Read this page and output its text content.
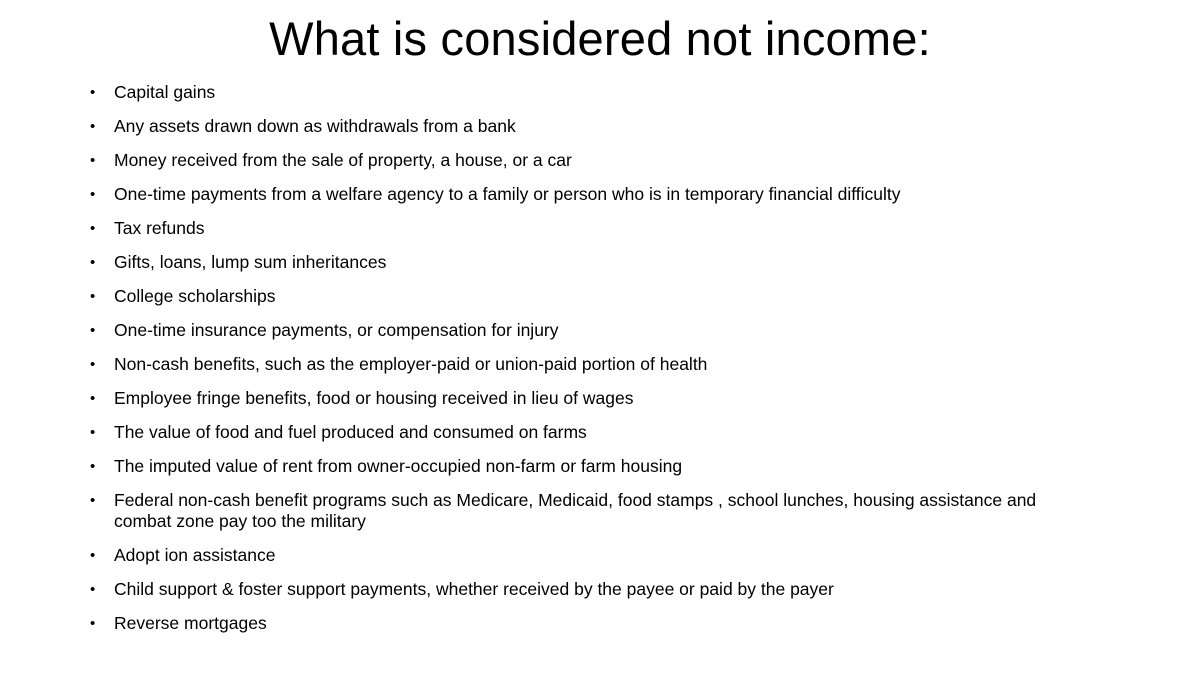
What is considered not income:
• Capital gains
• Any assets drawn down as withdrawals from a bank
• Money received from the sale of property, a house, or a car
• One-time payments from a welfare agency to a family or person who is in temporary financial difficulty
• Tax refunds
• Gifts, loans, lump sum inheritances
• College scholarships
• One-time insurance payments, or compensation for injury
• Non-cash benefits, such as the employer-paid or union-paid portion of health
• Employee fringe benefits, food or housing received in lieu of wages
• The value of food and fuel produced and consumed on farms
• The imputed value of rent from owner-occupied non-farm or farm housing
• Federal non-cash benefit programs such as Medicare, Medicaid, food stamps , school lunches, housing assistance and combat zone pay too the military
• Adopt ion assistance
• Child support & foster support payments, whether received by the payee or paid by the payer
• Reverse mortgages
